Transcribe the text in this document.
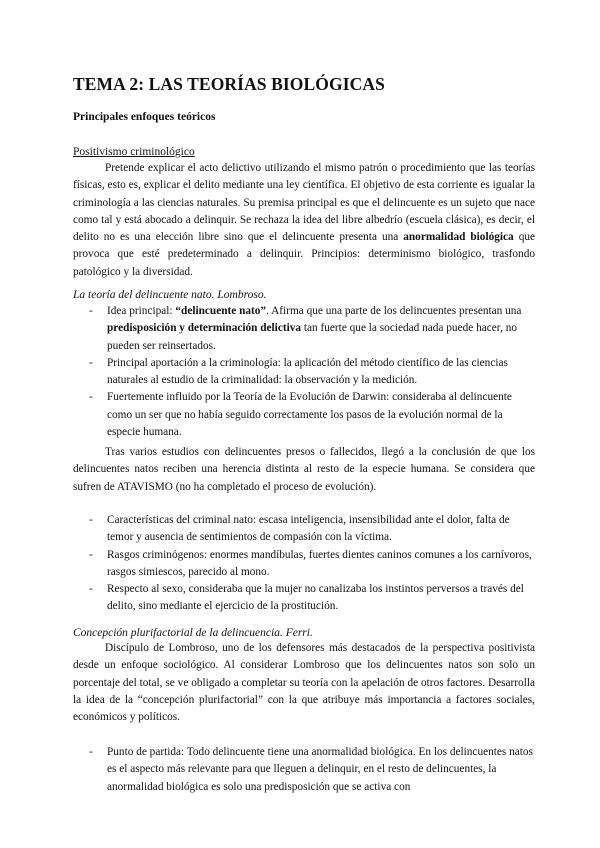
TEMA 2: LAS TEORÍAS BIOLÓGICAS
Principales enfoques teóricos
Positivismo criminológico

Pretende explicar el acto delictivo utilizando el mismo patrón o procedimiento que las teorías físicas, esto es, explicar el delito mediante una ley científica. El objetivo de esta corriente es igualar la criminología a las ciencias naturales. Su premisa principal es que el delincuente es un sujeto que nace como tal y está abocado a delinquir. Se rechaza la idea del libre albedrío (escuela clásica), es decir, el delito no es una elección libre sino que el delincuente presenta una anormalidad biológica que provoca que esté predeterminado a delinquir. Principios: determinismo biológico, trasfondo patológico y la diversidad.

La teoría del delincuente nato. Lombroso.
- Idea principal: “delincuente nato”. Afirma que una parte de los delincuentes presentan una predisposición y determinación delictiva tan fuerte que la sociedad nada puede hacer, no pueden ser reinsertados.
- Principal aportación a la criminología: la aplicación del método científico de las ciencias naturales al estudio de la criminalidad: la observación y la medición.
- Fuertemente influido por la Teoría de la Evolución de Darwin: consideraba al delincuente como un ser que no había seguido correctamente los pasos de la evolución normal de la especie humana.

Tras varios estudios con delincuentes presos o fallecidos, llegó a la conclusión de que los delincuentes natos reciben una herencia distinta al resto de la especie humana. Se considera que sufren de ATAVISMO (no ha completado el proceso de evolución).

- Características del criminal nato: escasa inteligencia, insensibilidad ante el dolor, falta de temor y ausencia de sentimientos de compasión con la víctima.
- Rasgos criminógenos: enormes mandíbulas, fuertes dientes caninos comunes a los carnívoros, rasgos simiescos, parecido al mono.
- Respecto al sexo, consideraba que la mujer no canalizaba los instintos perversos a través del delito, sino mediante el ejercicio de la prostitución.
Concepción plurifactorial de la delincuencia. Ferri.

Discípulo de Lombroso, uno de los defensores más destacados de la perspectiva positivista desde un enfoque sociológico. Al considerar Lombroso que los delincuentes natos son solo un porcentaje del total, se ve obligado a completar su teoría con la apelación de otros factores. Desarrolla la idea de la “concepción plurifactorial” con la que atribuye más importancia a factores sociales, económicos y políticos.

- Punto de partida: Todo delincuente tiene una anormalidad biológica. En los delincuentes natos es el aspecto más relevante para que lleguen a delinquir, en el resto de delincuentes, la anormalidad biológica es solo una predisposición que se activa con
